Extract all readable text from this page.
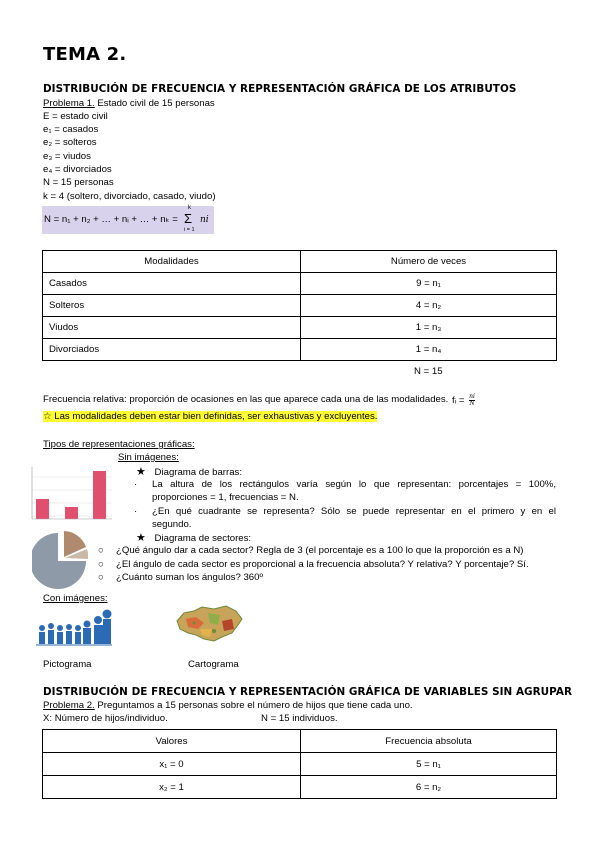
TEMA 2.
DISTRIBUCIÓN DE FRECUENCIA Y REPRESENTACIÓN GRÁFICA DE LOS ATRIBUTOS
Problema 1. Estado civil de 15 personas
E = estado civil
e₁ = casados
e₂ = solteros
e₃ = viudos
e₄ = divorciados
N = 15 personas
k = 4 (soltero, divorciado, casado, viudo)
N = n₁ + n₂ + … + nᵢ + … + nₖ =
k
Σ
i = 1
ni
Modalidades	Número de veces
Casados	9 = n₁
Solteros	4 = n₂
Viudos	1 = n₃
Divorciados	1 = n₄
N = 15
Frecuencia relativa: proporción de ocasiones en las que aparece cada una de las modalidades. fᵢ = $\frac{ni}{N}$
☆ Las modalidades deben estar bien definidas, ser exhaustivas y excluyentes.
Tipos de representaciones gráficas:
Sin imágenes:
★ Diagrama de barras:
· La altura de los rectángulos varía según lo que representan: porcentajes = 100%,
proporciones = 1, frecuencias = N.
· ¿En qué cuadrante se representa? Sólo se puede representar en el primero y en el
segundo.
★ Diagrama de sectores:
○ ¿Qué ángulo dar a cada sector? Regla de 3 (el porcentaje es a 100 lo que la proporción es a N)
○ ¿El ángulo de cada sector es proporcional a la frecuencia absoluta? Y relativa? Y porcentaje? Sí.
○ ¿Cuánto suman los ángulos? 360º
Con imágenes:
Pictograma	Cartograma
DISTRIBUCIÓN DE FRECUENCIA Y REPRESENTACIÓN GRÁFICA DE VARIABLES SIN AGRUPAR
Problema 2. Preguntamos a 15 personas sobre el número de hijos que tiene cada uno.
X: Número de hijos/individuo.	N = 15 individuos.
Valores	Frecuencia absoluta
x₁ = 0	5 = n₁
x₂ = 1	6 = n₂
